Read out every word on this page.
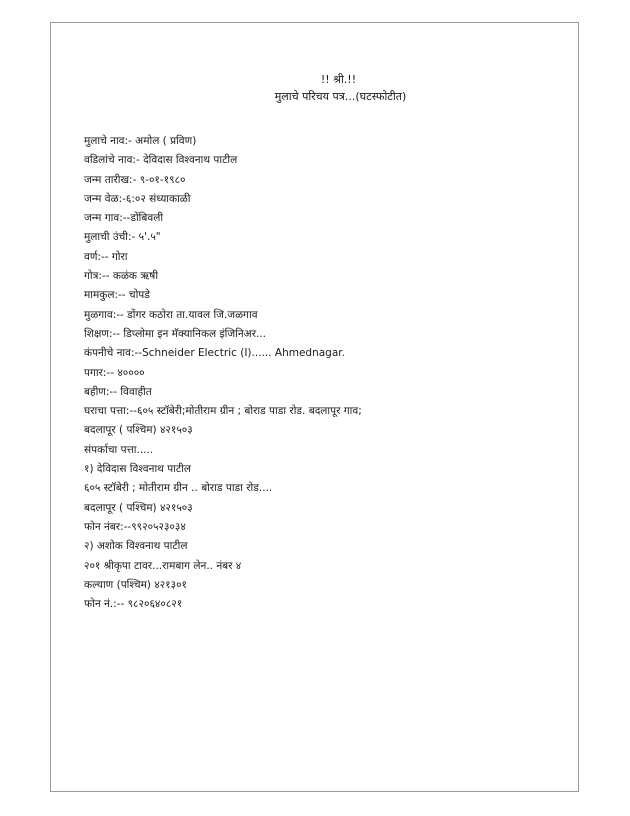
!! श्री.!!
मुलाचे परिचय पत्र...(घटस्फोटीत)
मुलाचे नाव:- अमोल ( प्रविण)
वडिलांचे नाव:- देविदास विश्वनाथ पाटील
जन्म तारीख:- ९-०१-१९८०
जन्म वेळ:-६:०२ संध्याकाळी
जन्म गाव:--डोंबिवली
मुलाची उंची:- ५'.५"
वर्ण:-- गोरा
गोत्र:-- कळंक ऋषी
मामकुल:-- चोपडे
मुळगाव:-- डोंगर कठोरा ता.यावल जि.जळगाव
शिक्षण:-- डिप्लोमा इन मॅक्यानिकल इंजिनिअर...
कंपनीचे नाव:--Schneider Electric (I)...... Ahmednagar.
पगार:-- ४००००
बहीण:-- विवाहीत
घराचा पत्ता:--६०५ स्टॉबेरी;मोतीराम ग्रीन ; बोराड पाडा रोड. बदलापूर गाव;
बदलापूर ( पश्चिम) ४२१५०३
संपर्काचा पत्ता.....
१) देविदास विश्वनाथ पाटील
६०५ स्टॉबेरी ; मोतीराम ग्रीन .. बोराड पाडा रोड....
बदलापूर ( पश्चिम) ४२१५०३
फोन नंबर:--९९२०५२३०३४
२) अशोक विश्वनाथ पाटील
२०१ श्रीकृपा टावर...रामबाग लेन.. नंबर ४
कल्याण (पश्चिम) ४२१३०१
फोन नं.:-- ९८२०६४०८२१
